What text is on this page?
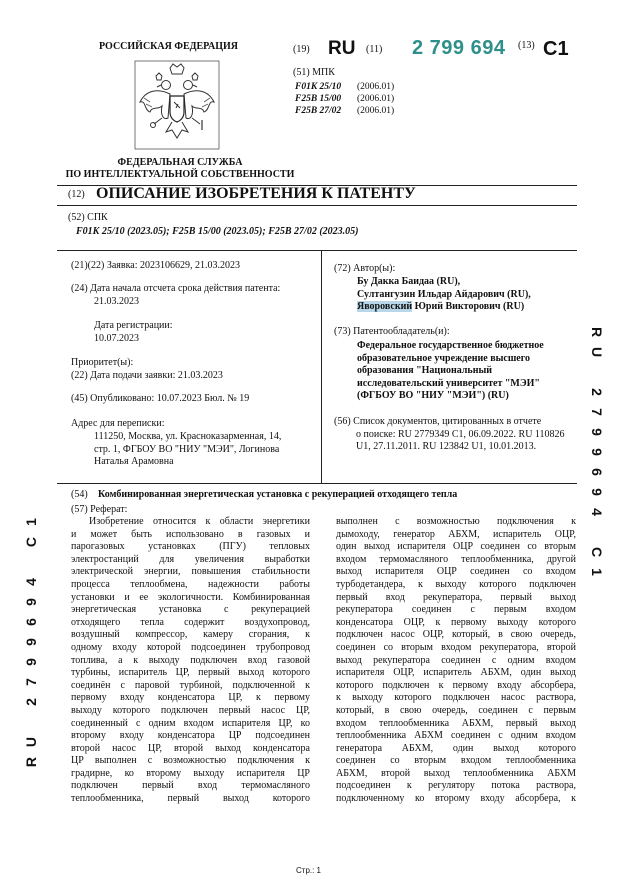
РОССИЙСКАЯ ФЕДЕРАЦИЯ
ФЕДЕРАЛЬНАЯ СЛУЖБА
ПО ИНТЕЛЛЕКТУАЛЬНОЙ СОБСТВЕННОСТИ
(19) RU (11) 2 799 694 (13) C1
(51) МПК
F01K 25/10 (2006.01)
F25B 15/00 (2006.01)
F25B 27/02 (2006.01)
(12) ОПИСАНИЕ ИЗОБРЕТЕНИЯ К ПАТЕНТУ
(52) СПК
F01K 25/10 (2023.05); F25B 15/00 (2023.05); F25B 27/02 (2023.05)
(21)(22) Заявка: 2023106629, 21.03.2023
(24) Дата начала отсчета срока действия патента:
21.03.2023
Дата регистрации:
10.07.2023
Приоритет(ы):
(22) Дата подачи заявки: 21.03.2023
(45) Опубликовано: 10.07.2023 Бюл. № 19
Адрес для переписки:
111250, Москва, ул. Красноказарменная, 14,
стр. 1, ФГБОУ ВО "НИУ "МЭИ", Логинова
Наталья Арамовна
(72) Автор(ы):
Бу Дакка Баидаа (RU),
Султангузин Ильдар Айдарович (RU),
Яворовский Юрий Викторович (RU)
(73) Патентообладатель(и):
Федеральное государственное бюджетное
образовательное учреждение высшего
образования "Национальный
исследовательский университет "МЭИ"
(ФГБОУ ВО "НИУ "МЭИ") (RU)
(56) Список документов, цитированных в отчете
о поиске: RU 2779349 C1, 06.09.2022. RU 110826
U1, 27.11.2011. RU 123842 U1, 10.01.2013.
(54) Комбинированная энергетическая установка с рекуперацией отходящего тепла
(57) Реферат:
Изобретение относится к области энергетики
и может быть использовано в газовых и
парогазовых установках (ПГУ) тепловых
электростанций для увеличения выработки
электрической энергии, повышения стабильности
процесса теплообмена, надежности работы
установки и ее экологичности. Комбинированная
энергетическая установка с рекуперацией
отходящего тепла содержит воздухопровод,
воздушный компрессор, камеру сгорания, к
одному входу которой подсоединен трубопровод
топлива, а к выходу подключен вход газовой
турбины, испаритель ЦР, первый выход которого
соединён с паровой турбиной, подключенной к
первому входу конденсатора ЦР, к первому
выходу которого подключен первый насос ЦР,
соединенный с одним входом испарителя ЦР, ко
второму входу конденсатора ЦР подсоединен
второй насос ЦР, второй выход конденсатора
ЦР выполнен с возможностью подключения к
градирне, ко второму выходу испарителя ЦР
подключен первый вход термомасляного
теплообменника, первый выход которого
выполнен с возможностью подключения к
дымоходу, генератор АБХМ, испаритель ОЦР,
один выход испарителя ОЦР соединен со вторым
входом термомасляного теплообменника, другой
выход испарителя ОЦР соединен со входом
турбодетандера, к выходу которого подключен
первый вход рекуператора, первый выход
рекуператора соединен с первым входом
конденсатора ОЦР, к первому выходу которого
подключен насос ОЦР, который, в свою очередь,
соединен со вторым входом рекуператора, второй
выход рекуператора соединен с одним входом
испарителя ОЦР, испаритель АБХМ, один выход
которого подключен к первому входу абсорбера,
к выходу которого подключен насос раствора,
который, в свою очередь, соединен с первым
входом теплообменника АБХМ, первый выход
теплообменника АБХМ соединен с одним входом
генератора АБХМ, один выход которого
соединен со вторым входом теплообменника
АБХМ, второй выход теплообменника АБХМ
подсоединен к регулятору потока раствора,
подключенному ко второму входу абсорбера, к
R
U
2
7
9
9
6
9
4
C
1
R
U
2
7
9
9
6
9
4
C
1
Стр.: 1
